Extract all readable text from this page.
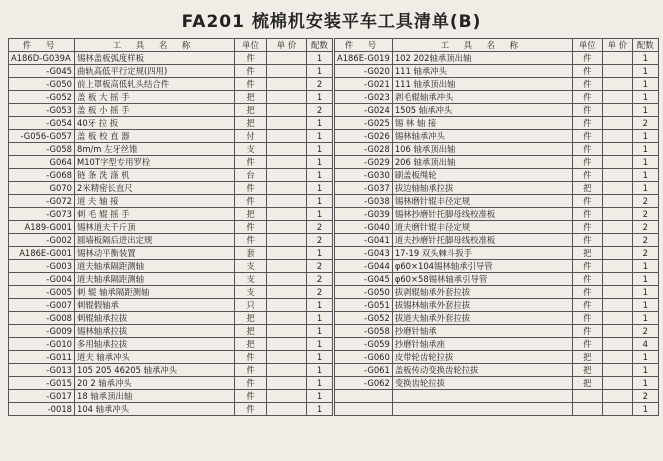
FA201 梳棉机安装平车工具清单(B)
件 号	工 具 名 称	单位	单 价	配数
A186D-G039A	锡林盖板弧度样板	件		1
-G045	曲轨高低平行定规(四用)	件		1
-G050	前上罩板高低轧头结合件	件		2
-G052	盖 板 大 摇 手	把		1
-G053	盖 板 小 摇 手	把		2
-G054	40牙 拉 扳	把		1
-G056-G057	盖 板 校 直 器	付		1
-G058	8m/m 左牙丝锥	支		1
G064	M10T字型专用罗栓	件		1
-G068	链 条 洗 涤 机	台		1
G070	2米精密长直尺	件		1
-G072	道 夫 轴 接	件		1
-G073	刺 毛 辊 摇 手	把		1
A189-G001	锡林道夫千斤顶	件		2
-G002	圆墙板隔后进出定规	件		2
A186E-G001	锡林动平衡装置	套		1
-G003	道夫轴承隔距测轴	支		2
-G004	道夫轴承隔距测轴	支		2
-G005	刺 辊 轴承隔距测轴	支		2
-G007	刺辊假轴承	只		1
-G008	刺辊轴承拉拔	把		1
-G009	锡林轴承拉拔	把		1
-G010	多用轴承拉拔	把		1
-G011	道夫 轴承冲头	件		1
-G013	105 205 46205 轴承冲头	件		1
-G015	20 2 轴承冲头	件		1
-G017	18 轴承顶出轴	件		1
-0018	104 轴承冲头	件		1
件 号	工 具 名 称	单位	单 价	配数
A186E-G019	102 202轴承顶出轴	件		1
-G020	111 轴承冲头	件		1
-G021	111 轴承顶出轴	件		1
-G023	剥毛辊轴承冲头	件		1
-G024	1505 轴承冲头	件		1
-G025	锡 林 轴 接	件		2
-G026	锡林轴承冲头	件		1
-G028	106 轴承顶出轴	件		1
-G029	206 轴承顶出轴	件		1
-G030	刷盖板绳轮	件		1
-G037	拔边轴轴承拉拔	把		1
-G038	锡林磨针辊丰径定规	件		2
-G039	锡林抄磨针托脚母线校准板	件		2
-G040	道夫磨针辊丰径定规	件		2
-G041	道夫抄磨针托脚母线校准板	件		2
-G043	17-19 双头棘斗扳手	把		2
-G044	φ60×104锡林轴承引导管	件		1
-G045	φ60×58锡林轴承引导管	件		1
-G050	拔剥辊轴承外套拉拔	件		1
-G051	拔锡林轴承外套拉拔	件		1
-G052	拔道夫轴承外套拉拔	件		1
-G058	抄磨针轴承	件		2
-G059	抄磨针轴承座	件		4
-G060	皮带轮齿轮拉拔	把		1
-G061	盖板传动变换齿轮拉拔	把		1
-G062	变换齿轮拉拔	把		1
				2
				1
